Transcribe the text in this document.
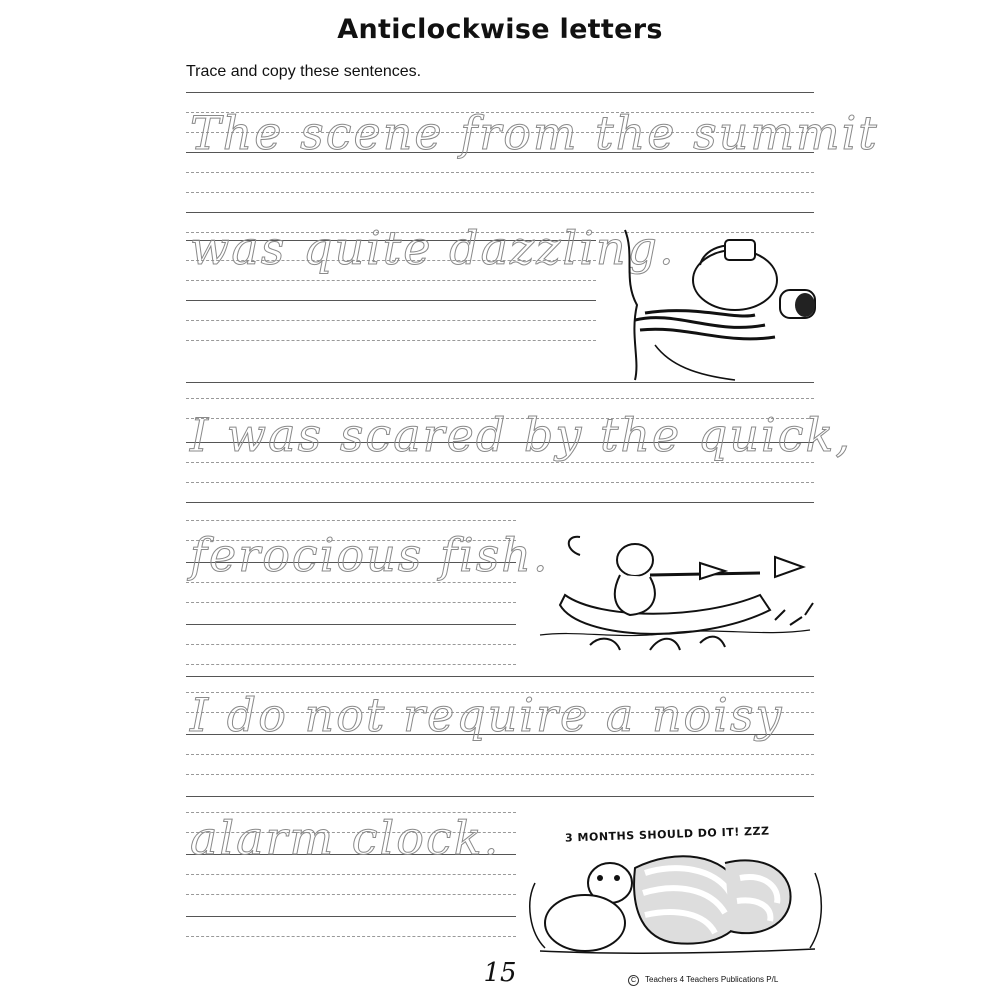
Anticlockwise letters
Trace and copy these sentences.
The scene from the summit
was quite dazzling.
I was scared by the quick,
ferocious fish.
I do not require a noisy
alarm clock.	3 MONTHS SHOULD DO IT! ZZZ
15	C Teachers 4 Teachers Publications P/L
